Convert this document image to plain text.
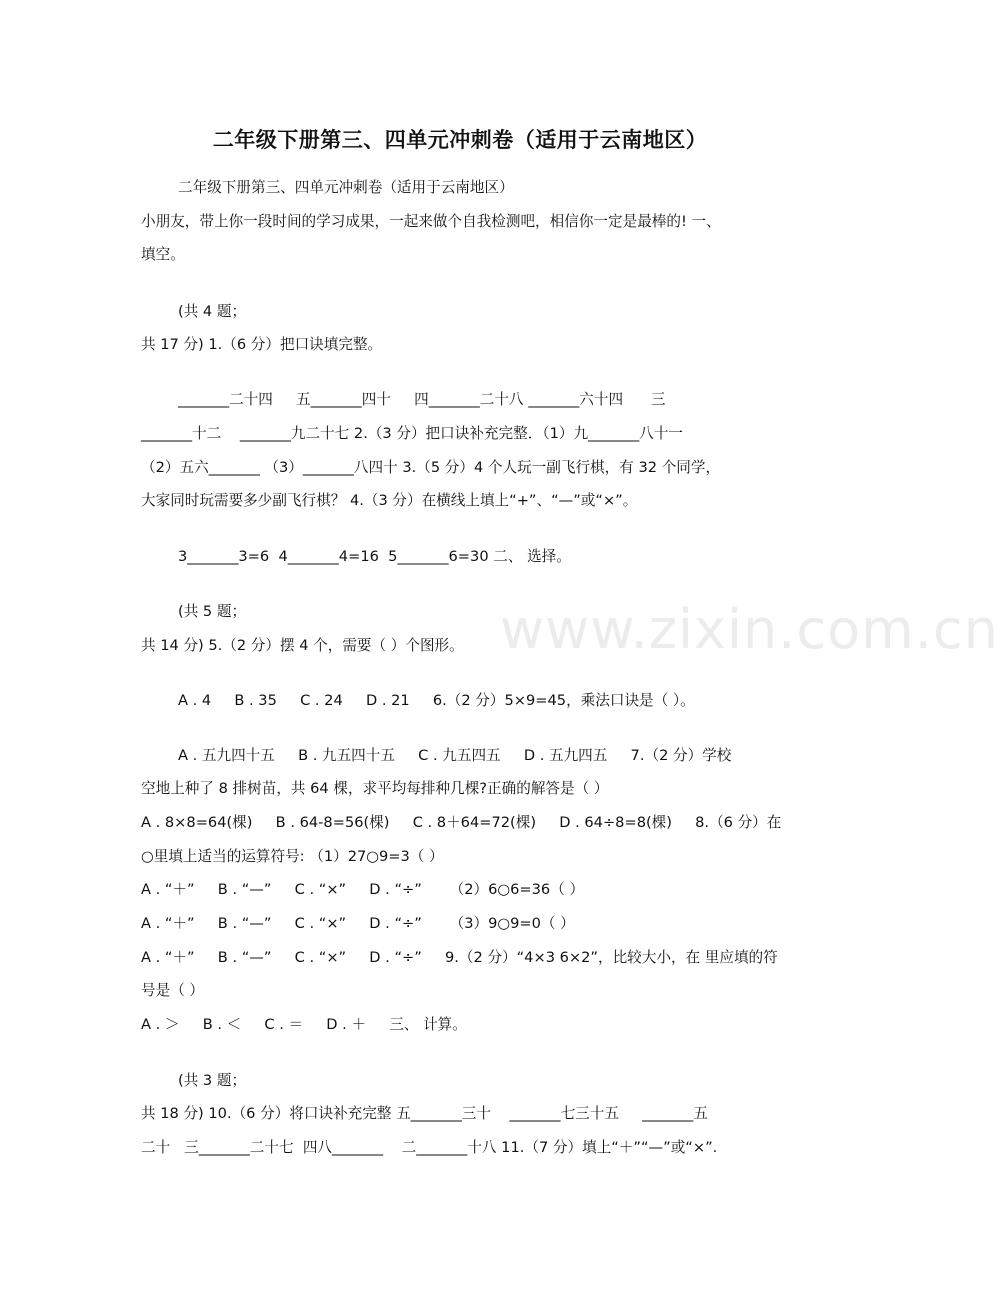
二年级下册第三、四单元冲刺卷（适用于云南地区）
www.zixin.com.cn

二年级下册第三、四单元冲刺卷（适用于云南地区）

小朋友，带上你一段时间的学习成果，一起来做个自我检测吧，相信你一定是最棒的! 一、

填空。

(共 4 题；

共 17 分) 1.（6 分）把口诀填完整。

_______二十四     五_______四十     四_______二十八 _______六十四      三

_______十二    _______九二十七 2.（3 分）把口诀补充完整．（1）九_______八十一

（2）五六_______ （3）_______八四十 3.（5 分）4 个人玩一副飞行棋，有 32 个同学，

大家同时玩需要多少副飞行棋？ 4.（3 分）在横线上填上“+”、“—”或“×”。

3_______3=6  4_______4=16  5_______6=30 二、 选择。

(共 5 题；

共 14 分) 5.（2 分）摆 4 个，需要（ ）个图形。

A . 4     B . 35     C . 24     D . 21     6.（2 分）5×9=45，乘法口诀是（ ）。

A . 五九四十五     B . 九五四十五     C . 九五四五     D . 五九四五     7.（2 分）学校

空地上种了 8 排树苗，共 64 棵，求平均每排种几棵?正确的解答是（ ）

A . 8×8=64(棵)     B . 64-8=56(棵)     C . 8＋64=72(棵)     D . 64÷8=8(棵)     8.（6 分）在

○里填上适当的运算符号: （1）27○9=3（ ）

A . “＋”     B . “—”     C . “×”     D . “÷”      （2）6○6=36（ ）

A . “＋”     B . “—”     C . “×”     D . “÷”      （3）9○9=0（ ）

A . “＋”     B . “—”     C . “×”     D . “÷”     9.（2 分）“4×3 6×2”，比较大小，在 里应填的符

号是（ ）

A . ＞     B . ＜     C . ＝     D . ＋     三、 计算。

(共 3 题；

共 18 分) 10.（6 分）将口诀补充完整 五_______三十    _______七三十五     _______五

二十   三_______二十七  四八_______    二_______十八 11.（7 分）填上“＋”“—”或“×”.
